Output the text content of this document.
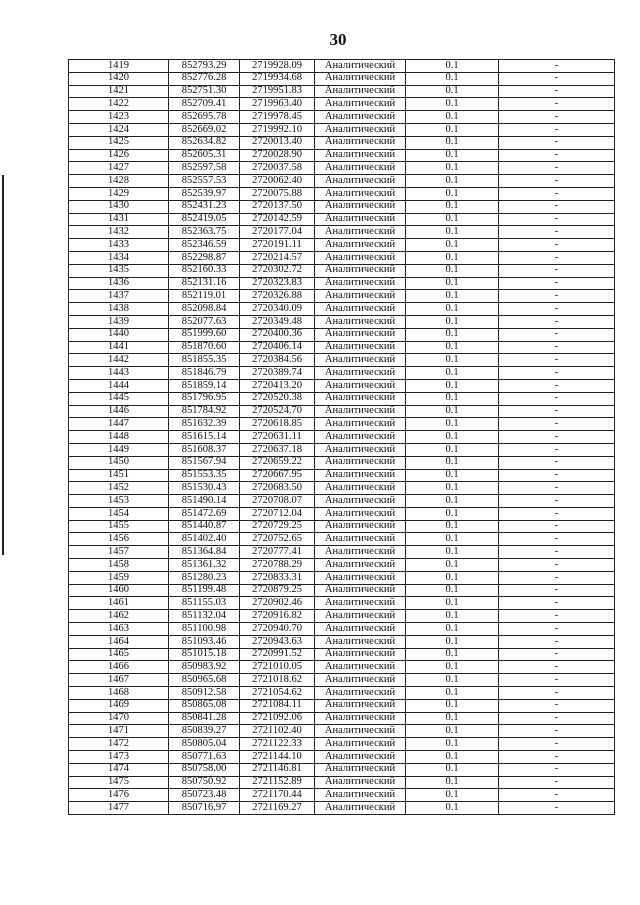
30
1419	852793.29	2719928.09	Аналитический	0.1	-
1420	852776.28	2719934.68	Аналитический	0.1	-
1421	852751.30	2719951.83	Аналитический	0.1	-
1422	852709.41	2719963.40	Аналитический	0.1	-
1423	852695.78	2719978.45	Аналитический	0.1	-
1424	852669.02	2719992.10	Аналитический	0.1	-
1425	852634.82	2720013.40	Аналитический	0.1	-
1426	852605.31	2720028.90	Аналитический	0.1	-
1427	852597.58	2720037.58	Аналитический	0.1	-
1428	852557.53	2720062.40	Аналитический	0.1	-
1429	852539.97	2720075.88	Аналитический	0.1	-
1430	852431.23	2720137.50	Аналитический	0.1	-
1431	852419.05	2720142.59	Аналитический	0.1	-
1432	852363.75	2720177.04	Аналитический	0.1	-
1433	852346.59	2720191.11	Аналитический	0.1	-
1434	852298.87	2720214.57	Аналитический	0.1	-
1435	852160.33	2720302.72	Аналитический	0.1	-
1436	852131.16	2720323.83	Аналитический	0.1	-
1437	852119.01	2720326.88	Аналитический	0.1	-
1438	852098.84	2720340.09	Аналитический	0.1	-
1439	852077.63	2720349.48	Аналитический	0.1	-
1440	851999.60	2720400.36	Аналитический	0.1	-
1441	851870.60	2720406.14	Аналитический	0.1	-
1442	851855.35	2720384.56	Аналитический	0.1	-
1443	851846.79	2720389.74	Аналитический	0.1	-
1444	851859.14	2720413.20	Аналитический	0.1	-
1445	851796.95	2720520.38	Аналитический	0.1	-
1446	851784.92	2720524.70	Аналитический	0.1	-
1447	851632.39	2720618.85	Аналитический	0.1	-
1448	851615.14	2720631.11	Аналитический	0.1	-
1449	851608.37	2720637.18	Аналитический	0.1	-
1450	851567.94	2720659.22	Аналитический	0.1	-
1451	851553.35	2720667.95	Аналитический	0.1	-
1452	851530.43	2720683.50	Аналитический	0.1	-
1453	851490.14	2720708.07	Аналитический	0.1	-
1454	851472.69	2720712.04	Аналитический	0.1	-
1455	851440.87	2720729.25	Аналитический	0.1	-
1456	851402.40	2720752.65	Аналитический	0.1	-
1457	851364.84	2720777.41	Аналитический	0.1	-
1458	851361.32	2720788.29	Аналитический	0.1	-
1459	851280.23	2720833.31	Аналитический	0.1	-
1460	851199.48	2720879.25	Аналитический	0.1	-
1461	851155.03	2720902.46	Аналитический	0.1	-
1462	851132.04	2720916.82	Аналитический	0.1	-
1463	851100.98	2720940.70	Аналитический	0.1	-
1464	851093.46	2720943.63	Аналитический	0.1	-
1465	851015.18	2720991.52	Аналитический	0.1	-
1466	850983.92	2721010.05	Аналитический	0.1	-
1467	850965.68	2721018.62	Аналитический	0.1	-
1468	850912.58	2721054.62	Аналитический	0.1	-
1469	850865.08	2721084.11	Аналитический	0.1	-
1470	850841.28	2721092.06	Аналитический	0.1	-
1471	850839.27	2721102.40	Аналитический	0.1	-
1472	850805.04	2721122.33	Аналитический	0.1	-
1473	850771.63	2721144.10	Аналитический	0.1	-
1474	850758.00	2721146.81	Аналитический	0.1	-
1475	850750.92	2721152.89	Аналитический	0.1	-
1476	850723.48	2721170.44	Аналитический	0.1	-
1477	850716.97	2721169.27	Аналитический	0.1	-
